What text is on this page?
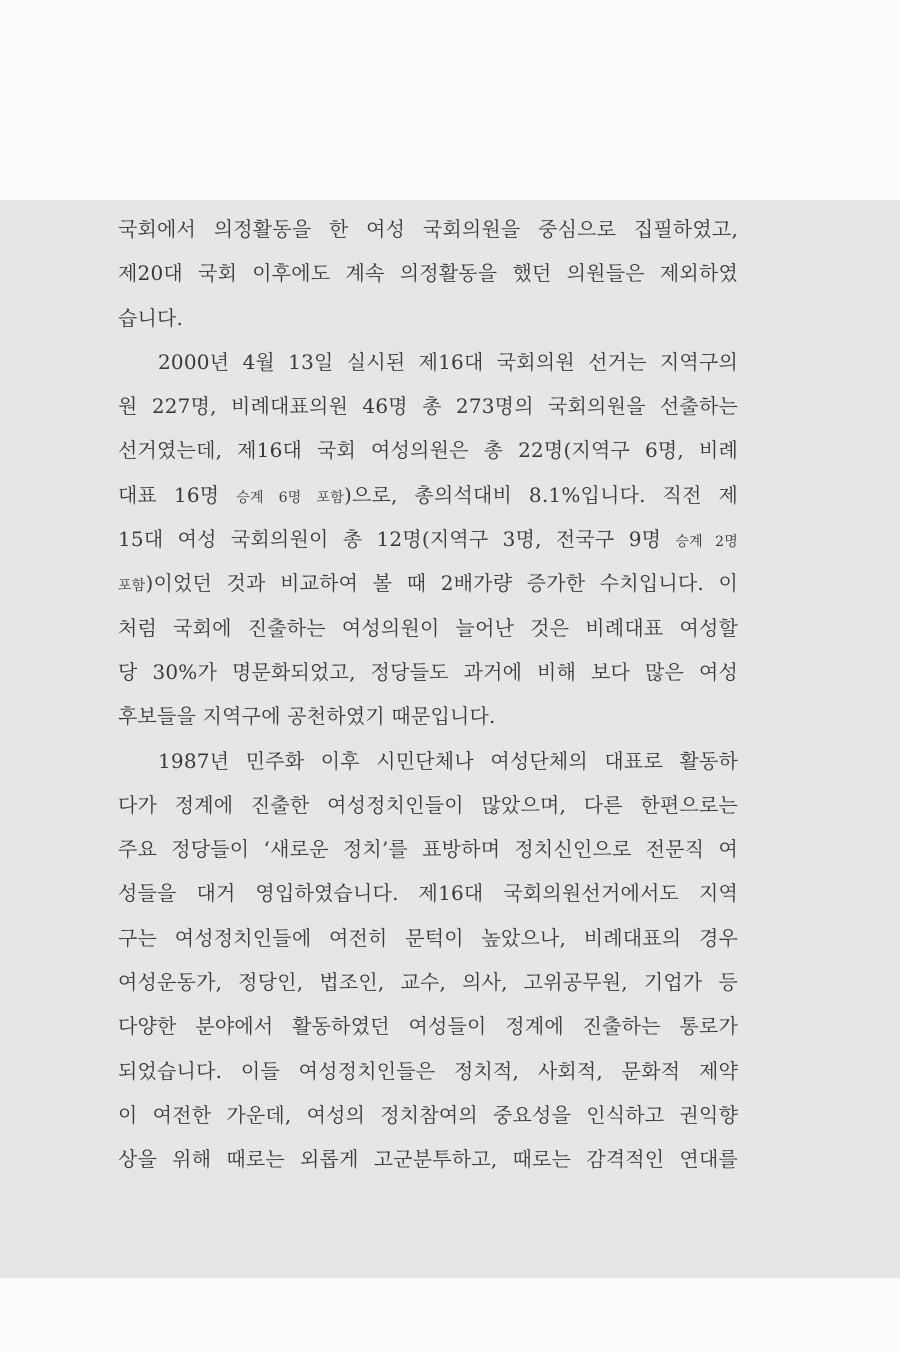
국회에서 의정활동을 한 여성 국회의원을 중심으로 집필하였고,
제20대 국회 이후에도 계속 의정활동을 했던 의원들은 제외하였
습니다.
2000년 4월 13일 실시된 제16대 국회의원 선거는 지역구의
원 227명, 비례대표의원 46명 총 273명의 국회의원을 선출하는
선거였는데, 제16대 국회 여성의원은 총 22명(지역구 6명, 비례
대표 16명 승계 6명 포함)으로, 총의석대비 8.1%입니다. 직전 제
15대 여성 국회의원이 총 12명(지역구 3명, 전국구 9명 승계 2명
포함)이었던 것과 비교하여 볼 때 2배가량 증가한 수치입니다. 이
처럼 국회에 진출하는 여성의원이 늘어난 것은 비례대표 여성할
당 30%가 명문화되었고, 정당들도 과거에 비해 보다 많은 여성
후보들을 지역구에 공천하였기 때문입니다.
1987년 민주화 이후 시민단체나 여성단체의 대표로 활동하
다가 정계에 진출한 여성정치인들이 많았으며, 다른 한편으로는
주요 정당들이 ‘새로운 정치’를 표방하며 정치신인으로 전문직 여
성들을 대거 영입하였습니다. 제16대 국회의원선거에서도 지역
구는 여성정치인들에 여전히 문턱이 높았으나, 비례대표의 경우
여성운동가, 정당인, 법조인, 교수, 의사, 고위공무원, 기업가 등
다양한 분야에서 활동하였던 여성들이 정계에 진출하는 통로가
되었습니다. 이들 여성정치인들은 정치적, 사회적, 문화적 제약
이 여전한 가운데, 여성의 정치참여의 중요성을 인식하고 권익향
상을 위해 때로는 외롭게 고군분투하고, 때로는 감격적인 연대를
